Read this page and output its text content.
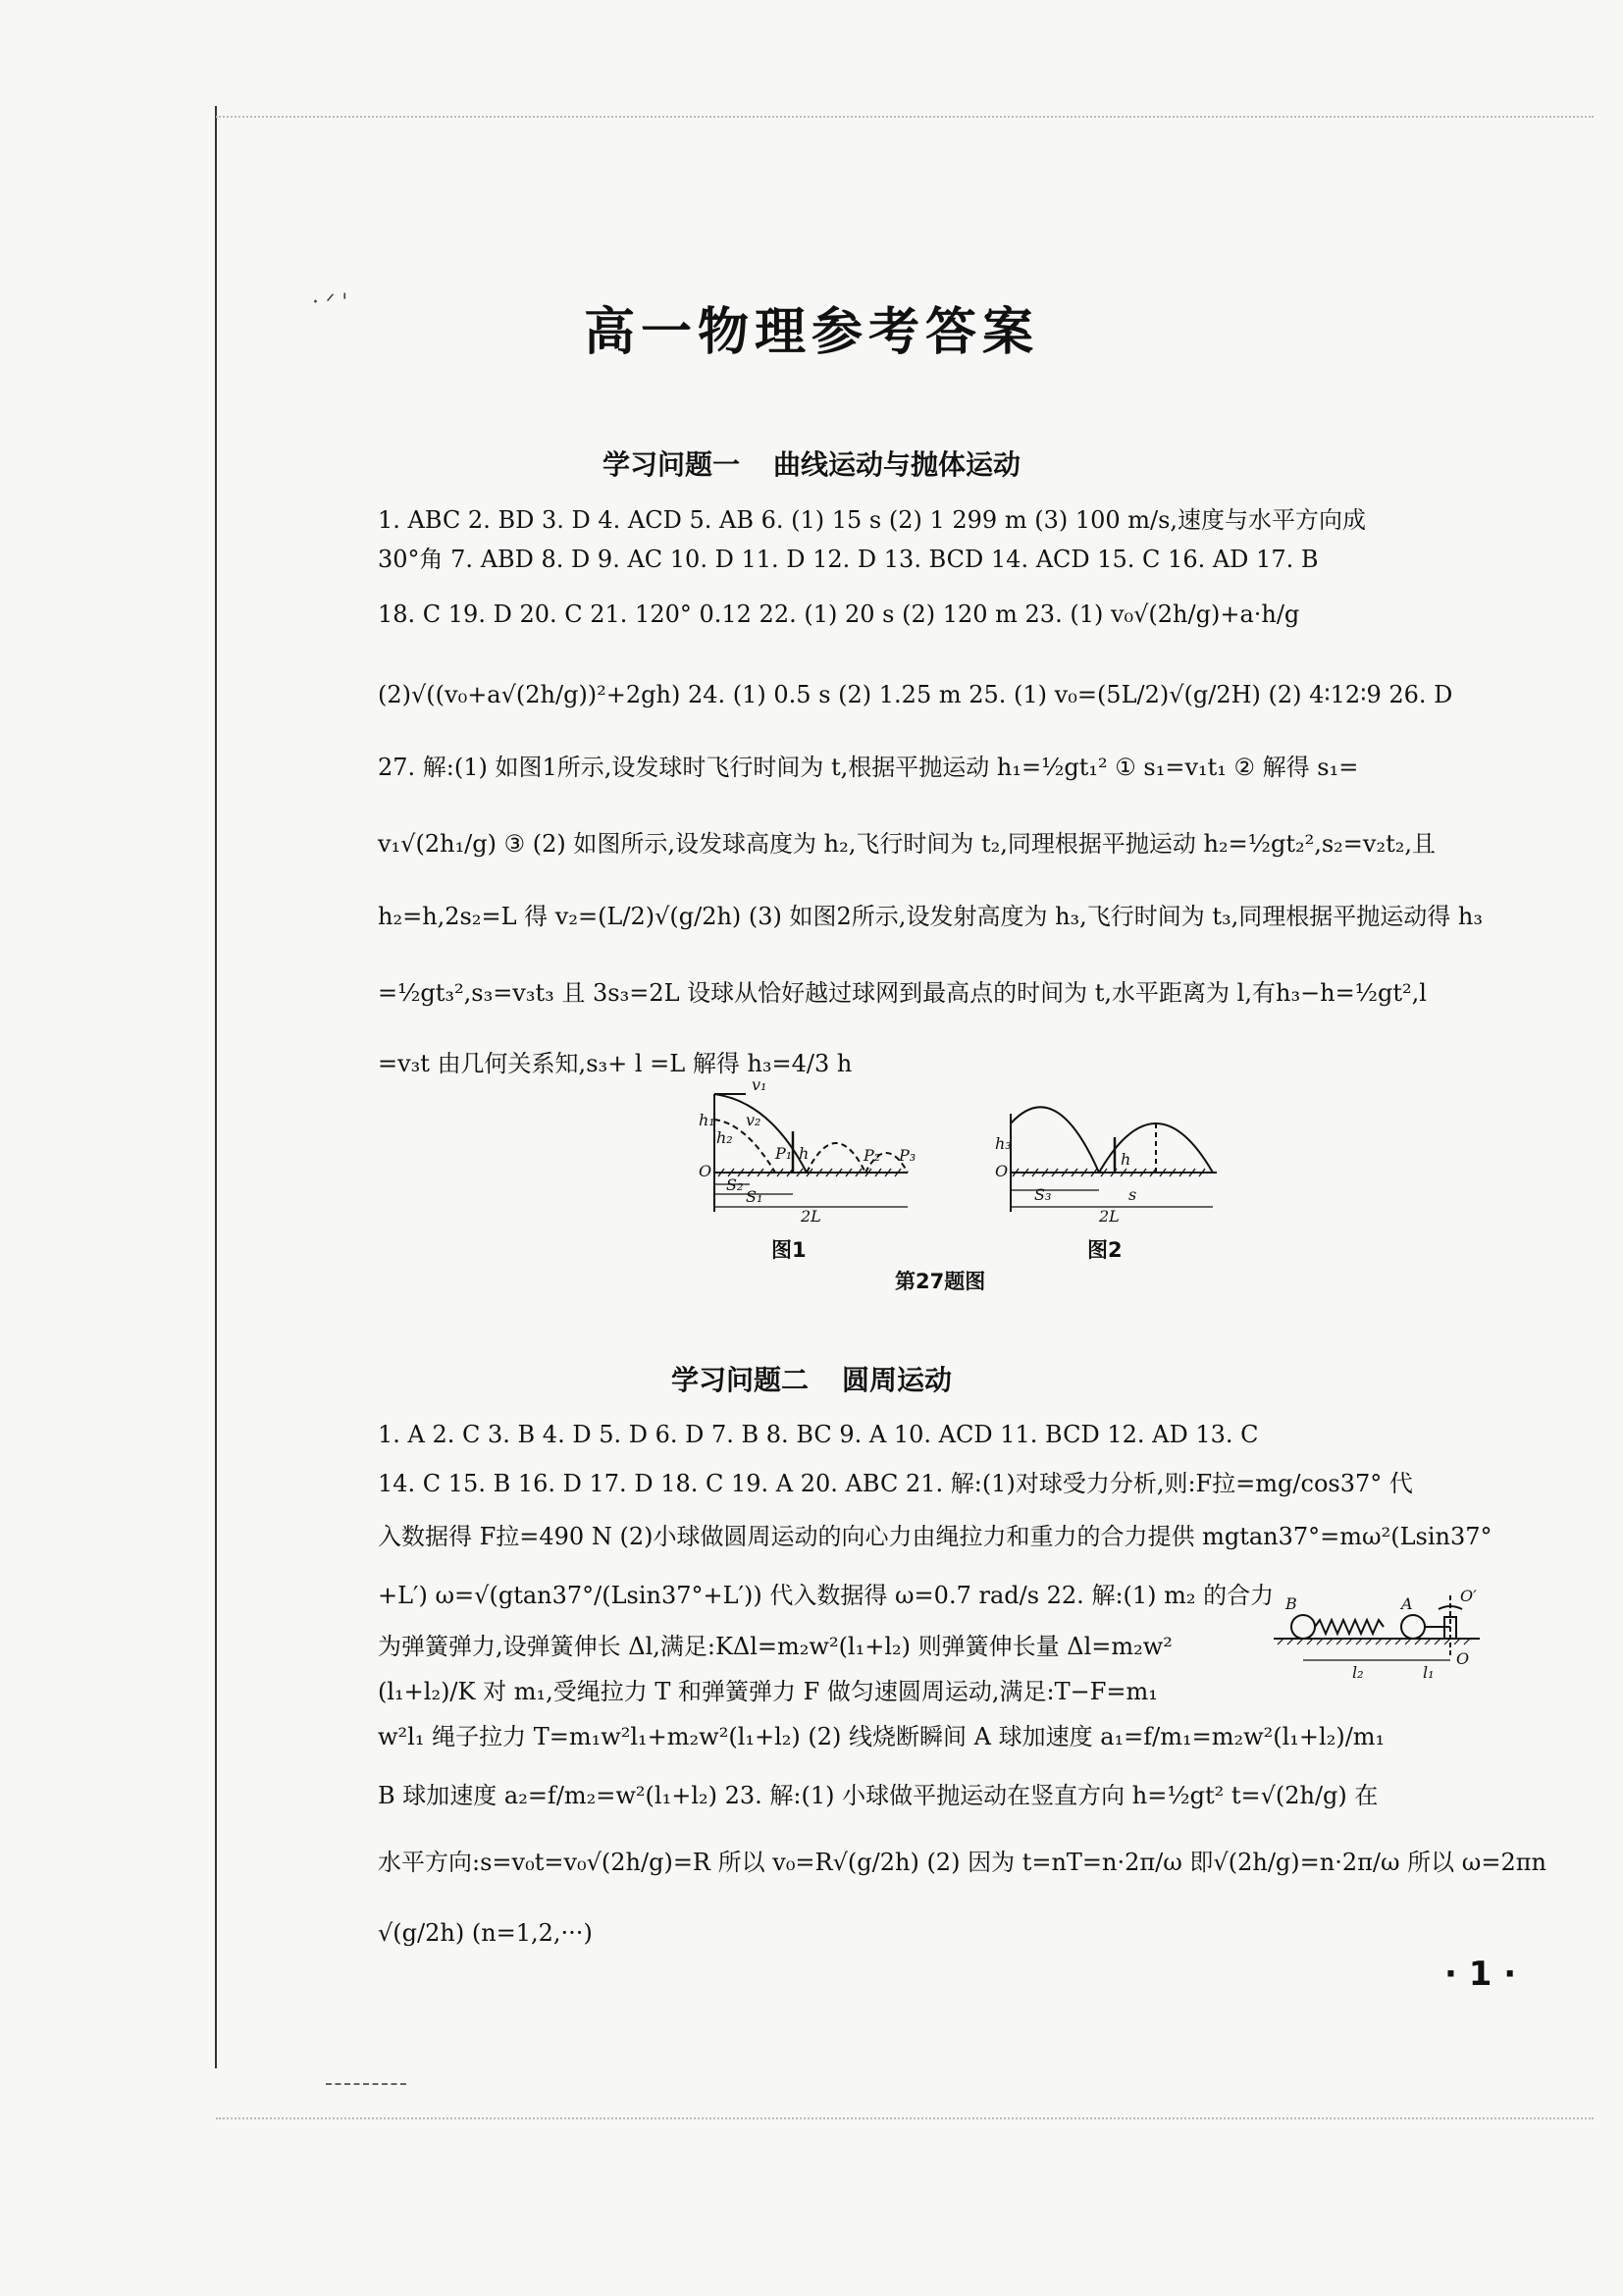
· ᐟ '
高一物理参考答案
学习问题一 曲线运动与抛体运动
1. ABC 2. BD 3. D 4. ACD 5. AB 6. (1) 15 s (2) 1 299 m (3) 100 m/s,速度与水平方向成
30°角 7. ABD 8. D 9. AC 10. D 11. D 12. D 13. BCD 14. ACD 15. C 16. AD 17. B
18. C 19. D 20. C 21. 120° 0.12 22. (1) 20 s (2) 120 m 23. (1) v₀√(2h/g)+a·h/g
(2)√((v₀+a√(2h/g))²+2gh) 24. (1) 0.5 s (2) 1.25 m 25. (1) v₀=(5L/2)√(g/2H) (2) 4∶12∶9 26. D
27. 解:(1) 如图1所示,设发球时飞行时间为 t,根据平抛运动 h₁=½gt₁² ① s₁=v₁t₁ ② 解得 s₁=
v₁√(2h₁/g) ③ (2) 如图所示,设发球高度为 h₂,飞行时间为 t₂,同理根据平抛运动 h₂=½gt₂²,s₂=v₂t₂,且
h₂=h,2s₂=L 得 v₂=(L/2)√(g/2h) (3) 如图2所示,设发射高度为 h₃,飞行时间为 t₃,同理根据平抛运动得 h₃
=½gt₃²,s₃=v₃t₃ 且 3s₃=2L 设球从恰好越过球网到最高点的时间为 t,水平距离为 l,有h₃−h=½gt²,l
=v₃t 由几何关系知,s₃+ l =L 解得 h₃=4/3 h
v₁
v₂
h₁
h₂
O
P₁ h	P₂ P₃
S₂
S₁
2L
h₃
O
h
S₃	s
2L
图1	图2
第27题图
学习问题二 圆周运动
1. A 2. C 3. B 4. D 5. D 6. D 7. B 8. BC 9. A 10. ACD 11. BCD 12. AD 13. C
14. C 15. B 16. D 17. D 18. C 19. A 20. ABC 21. 解:(1)对球受力分析,则:F拉=mg/cos37° 代
入数据得 F拉=490 N (2)小球做圆周运动的向心力由绳拉力和重力的合力提供 mgtan37°=mω²(Lsin37°
+L′) ω=√(gtan37°/(Lsin37°+L′)) 代入数据得 ω=0.7 rad/s 22. 解:(1) m₂ 的合力
为弹簧弹力,设弹簧伸长 Δl,满足:KΔl=m₂w²(l₁+l₂) 则弹簧伸长量 Δl=m₂w²
(l₁+l₂)/K 对 m₁,受绳拉力 T 和弹簧弹力 F 做匀速圆周运动,满足:T−F=m₁
w²l₁ 绳子拉力 T=m₁w²l₁+m₂w²(l₁+l₂) (2) 线烧断瞬间 A 球加速度 a₁=f/m₁=m₂w²(l₁+l₂)/m₁
B 球加速度 a₂=f/m₂=w²(l₁+l₂) 23. 解:(1) 小球做平抛运动在竖直方向 h=½gt² t=√(2h/g) 在
水平方向:s=v₀t=v₀√(2h/g)=R 所以 v₀=R√(g/2h) (2) 因为 t=nT=n·2π/ω 即√(2h/g)=n·2π/ω 所以 ω=2πn
√(g/2h) (n=1,2,···)
O′
B	A
l₂	l₁
O
· 1 ·
